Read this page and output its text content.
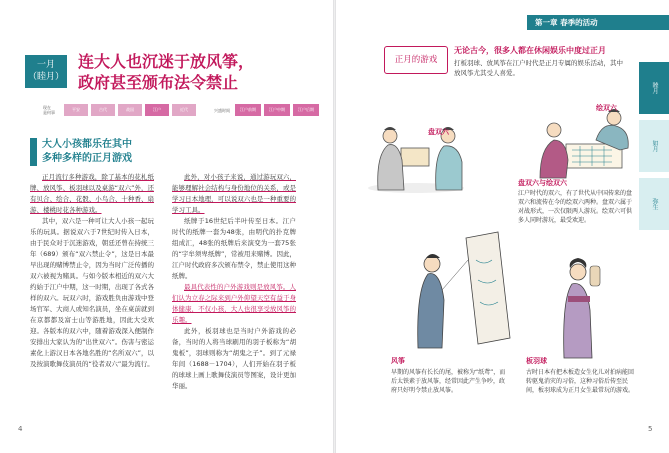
一月
（睦月）
连大人也沉迷于放风筝，
政府甚至颁布法令禁止
现在
是何事
平安	古代	战国	江户	近代	兴盛时间	江户前期	江户中期	江户后期
大人小孩都乐在其中
多种多样的正月游戏

正月流行多种游戏，除了基本的花札纸牌、放风筝、板羽球以及桌游“双六”外，还有贝合、绘合、花骰、小鸟合、十种香、扇游、楼桃时花各种游戏。

其中，双六是一种可让大人小孩一起玩乐的玩具。据说双六于7世纪时传入日本，由于民众对于沉迷游戏，朝廷还曾在持统三年（689）颁布“双六禁止令”，这是日本最早出现的赌博禁止令，因为当时广泛传播的双六被视为赌具。与如今版本相近的双六大约始于江户中期，这一时期，出现了各式各样的双六。玩双六时，游戏胜负由游戏中登场官军、大商人或知名演员，坐在桌前就到在京都都及富士山等游胜地，因此大受欢迎。各版本的双六中，随着游戏深入便制作安排出大家认为的“出世双六”。伤害与密运素化上游汉日本各地名胜的“名所双六”，以及按演歌舞伎演员的“役者双六”最为流行。

此外，对小孩子来说，通过游玩双六，能够理解社会结构与身份地位的关系，或是学习日本地理，可以说双六也是一种重要的学习工具。

纸牌于16世纪后半叶传至日本。江户时代的纸牌一套为48张，由明代的扑克牌组成汇，48张的纸牌后来演变为一套75张的“宇牟须卑纸牌”，常被用来赌博。因此，江户时代政府多次颁布禁令，禁止使用这种纸牌。

最具代表性的户外游戏则是放风筝。人们认为立春之际来到户外仰望天空有益于身体健康，不仅小孩，大人也很享受放风筝的乐趣。

此外，板羽球也是当时户外游戏的必备，当时的人将当球刷用的羽子板称为“胡鬼板”，羽球则称为“胡鬼之子”。到了元禄年间（1688－1704），人们开始在羽子板的球球上画上歌舞伎演员等图案，设计更加华丽。

4
第一章 春季的活动
睦月
如月
弥生
正月的游戏
无论古今，很多人都在休闲娱乐中度过正月
打板羽球、放风筝在江户时代是正月专属的娱乐活动，其中放风筝尤其受人喜爱。
盘双六
绘双六
盘双六与绘双六
江户时代的双六，有了世代从中国传来的盘双六和流传在今的绘双六两种。盘双六属于对战形式，一次仅限两人游玩。绘双六可供多人同时游玩，最受欢迎。
风筝
早期的风筝有长长的尾，被称为“纸鸢”，而后太铁素于放风筝，经常因此产生争吵，政府只好明令禁止放风筝。
板羽球
古时日本有把木板造女生化儿对拍病能回转驱鬼消灾的习俗，这种习俗后传至民间，板羽球成为正月女生最常玩的游戏。
5
